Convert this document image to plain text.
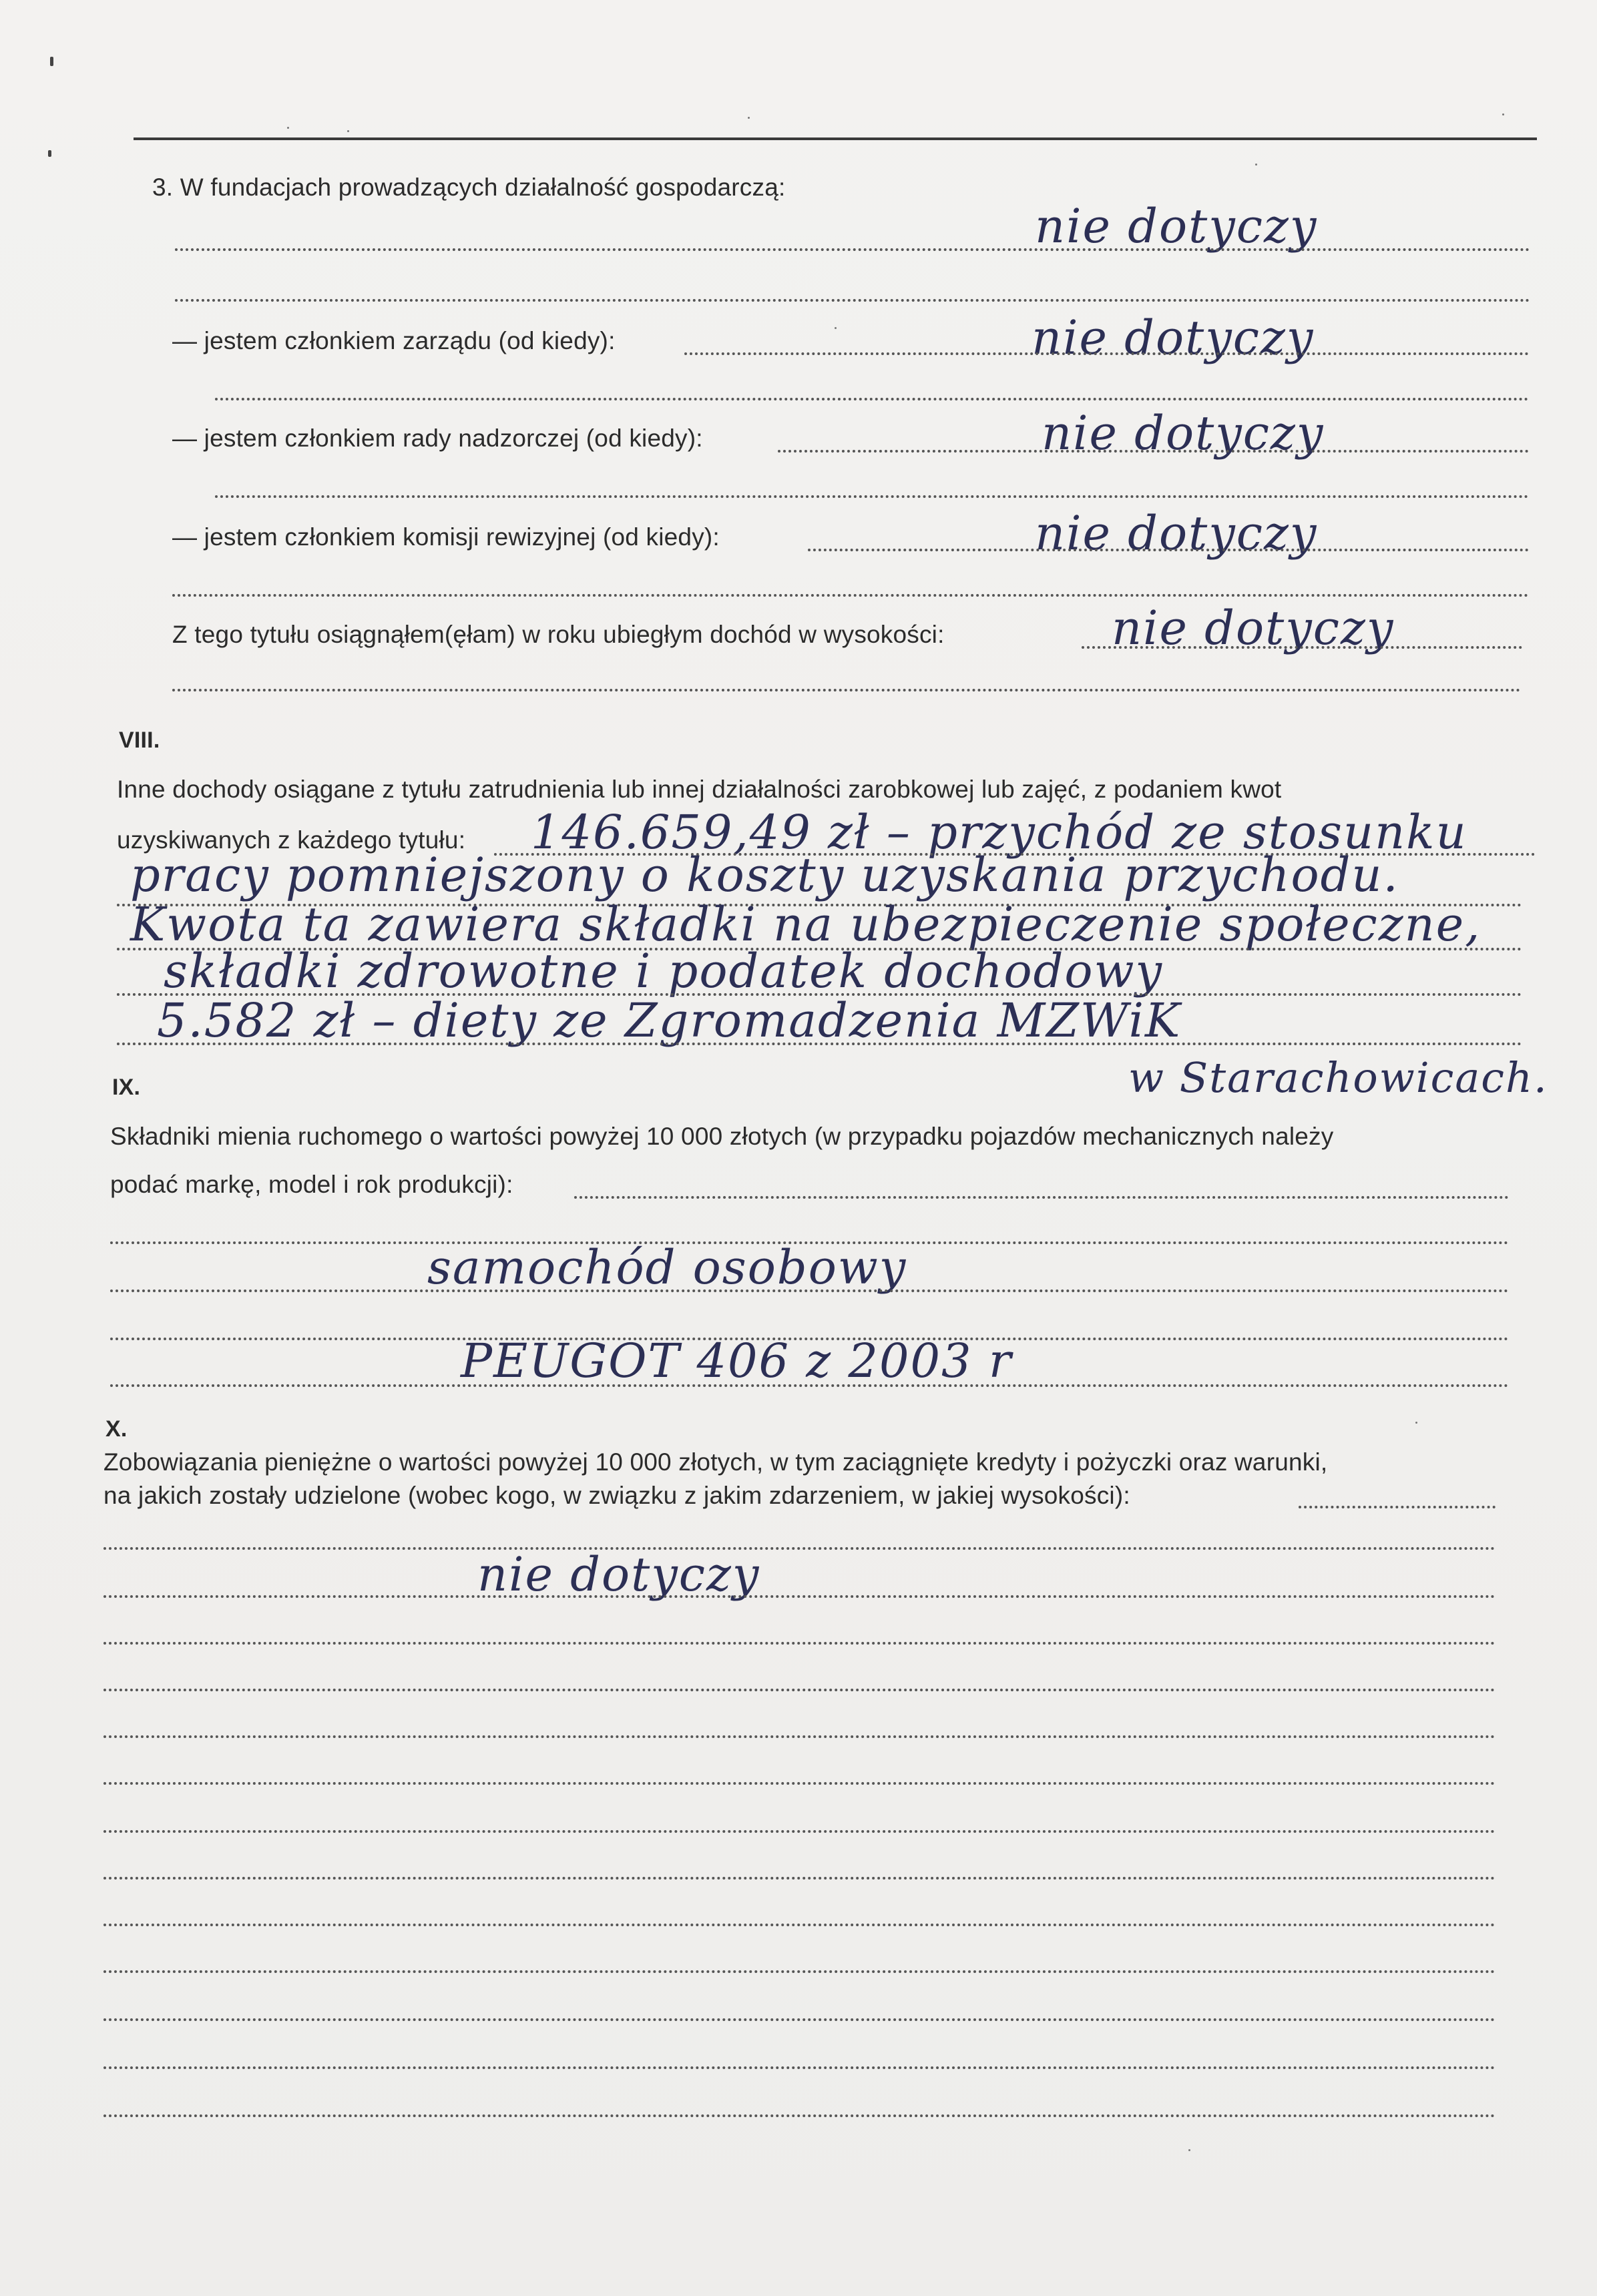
3. W fundacjach prowadzących działalność gospodarczą:
nie dotyczy
— jestem członkiem zarządu (od kiedy):	nie dotyczy
— jestem członkiem rady nadzorczej (od kiedy):	nie dotyczy
— jestem członkiem komisji rewizyjnej (od kiedy):	nie dotyczy
Z tego tytułu osiągnąłem(ęłam) w roku ubiegłym dochód w wysokości:	nie dotyczy
VIII.
Inne dochody osiągane z tytułu zatrudnienia lub innej działalności zarobkowej lub zajęć, z podaniem kwot
uzyskiwanych z każdego tytułu: 146.659,49 zł – przychód ze stosunku
pracy pomniejszony o koszty uzyskania przychodu.
Kwota ta zawiera składki na ubezpieczenie społeczne,
składki zdrowotne i podatek dochodowy
5.582 zł – diety ze Zgromadzenia MZWiK
IX.	w Starachowicach.
Składniki mienia ruchomego o wartości powyżej 10 000 złotych (w przypadku pojazdów mechanicznych należy
podać markę, model i rok produkcji):
samochód osobowy
PEUGOT 406 z 2003 r
X.
Zobowiązania pieniężne o wartości powyżej 10 000 złotych, w tym zaciągnięte kredyty i pożyczki oraz warunki,
na jakich zostały udzielone (wobec kogo, w związku z jakim zdarzeniem, w jakiej wysokości):
nie dotyczy
